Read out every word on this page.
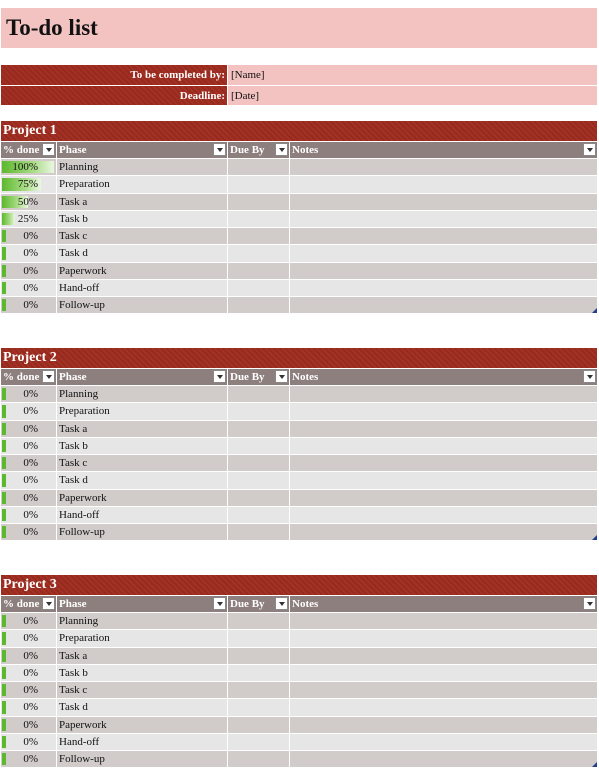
To-do list
To be completed by: [Name]
Deadline: [Date]
Project 1
% done	Phase	Due By	Notes
100%	Planning
75%	Preparation
50%	Task a
25%	Task b
0%	Task c
0%	Task d
0%	Paperwork
0%	Hand-off
0%	Follow-up
Project 2
% done	Phase	Due By	Notes
0%	Planning
0%	Preparation
0%	Task a
0%	Task b
0%	Task c
0%	Task d
0%	Paperwork
0%	Hand-off
0%	Follow-up
Project 3
% done	Phase	Due By	Notes
0%	Planning
0%	Preparation
0%	Task a
0%	Task b
0%	Task c
0%	Task d
0%	Paperwork
0%	Hand-off
0%	Follow-up
